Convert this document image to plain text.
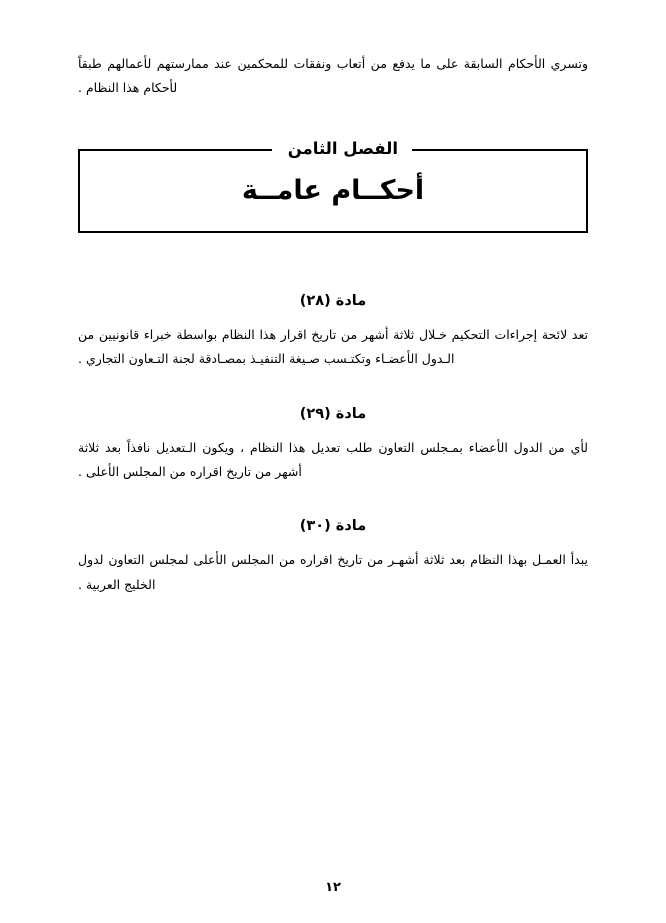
وتسري الأحكام السابقة على ما يدفع من أتعاب ونفقات للمحكمين عند ممارستهم لأعمالهم طبقاً لأحكام هذا النظام .

الفصل الثامن
أحكــام عامــة
مادة (٢٨)

تعد لائحة إجراءات التحكيم خـلال ثلاثة أشهر من تاريخ اقرار هذا النظام بواسطة خبراء قانونيين من الـدول الأعضـاء وتكتـسب صـيغة التنفيـذ بمصـادقة لجنة التـعاون التجاري .

مادة (٢٩)

لأي من الدول الأعضاء بمـجلس التعاون طلب تعديل هذا النظام ، ويكون الـتعديل نافذاً بعد ثلاثة أشهر من تاريخ اقراره من المجلس الأعلى .

مادة (٣٠)

يبدأ العمـل بهذا النظام بعد ثلاثة أشهـر من تاريخ اقراره من المجلس الأعلى لمجلس التعاون لدول الخليج العربية .

١٢
